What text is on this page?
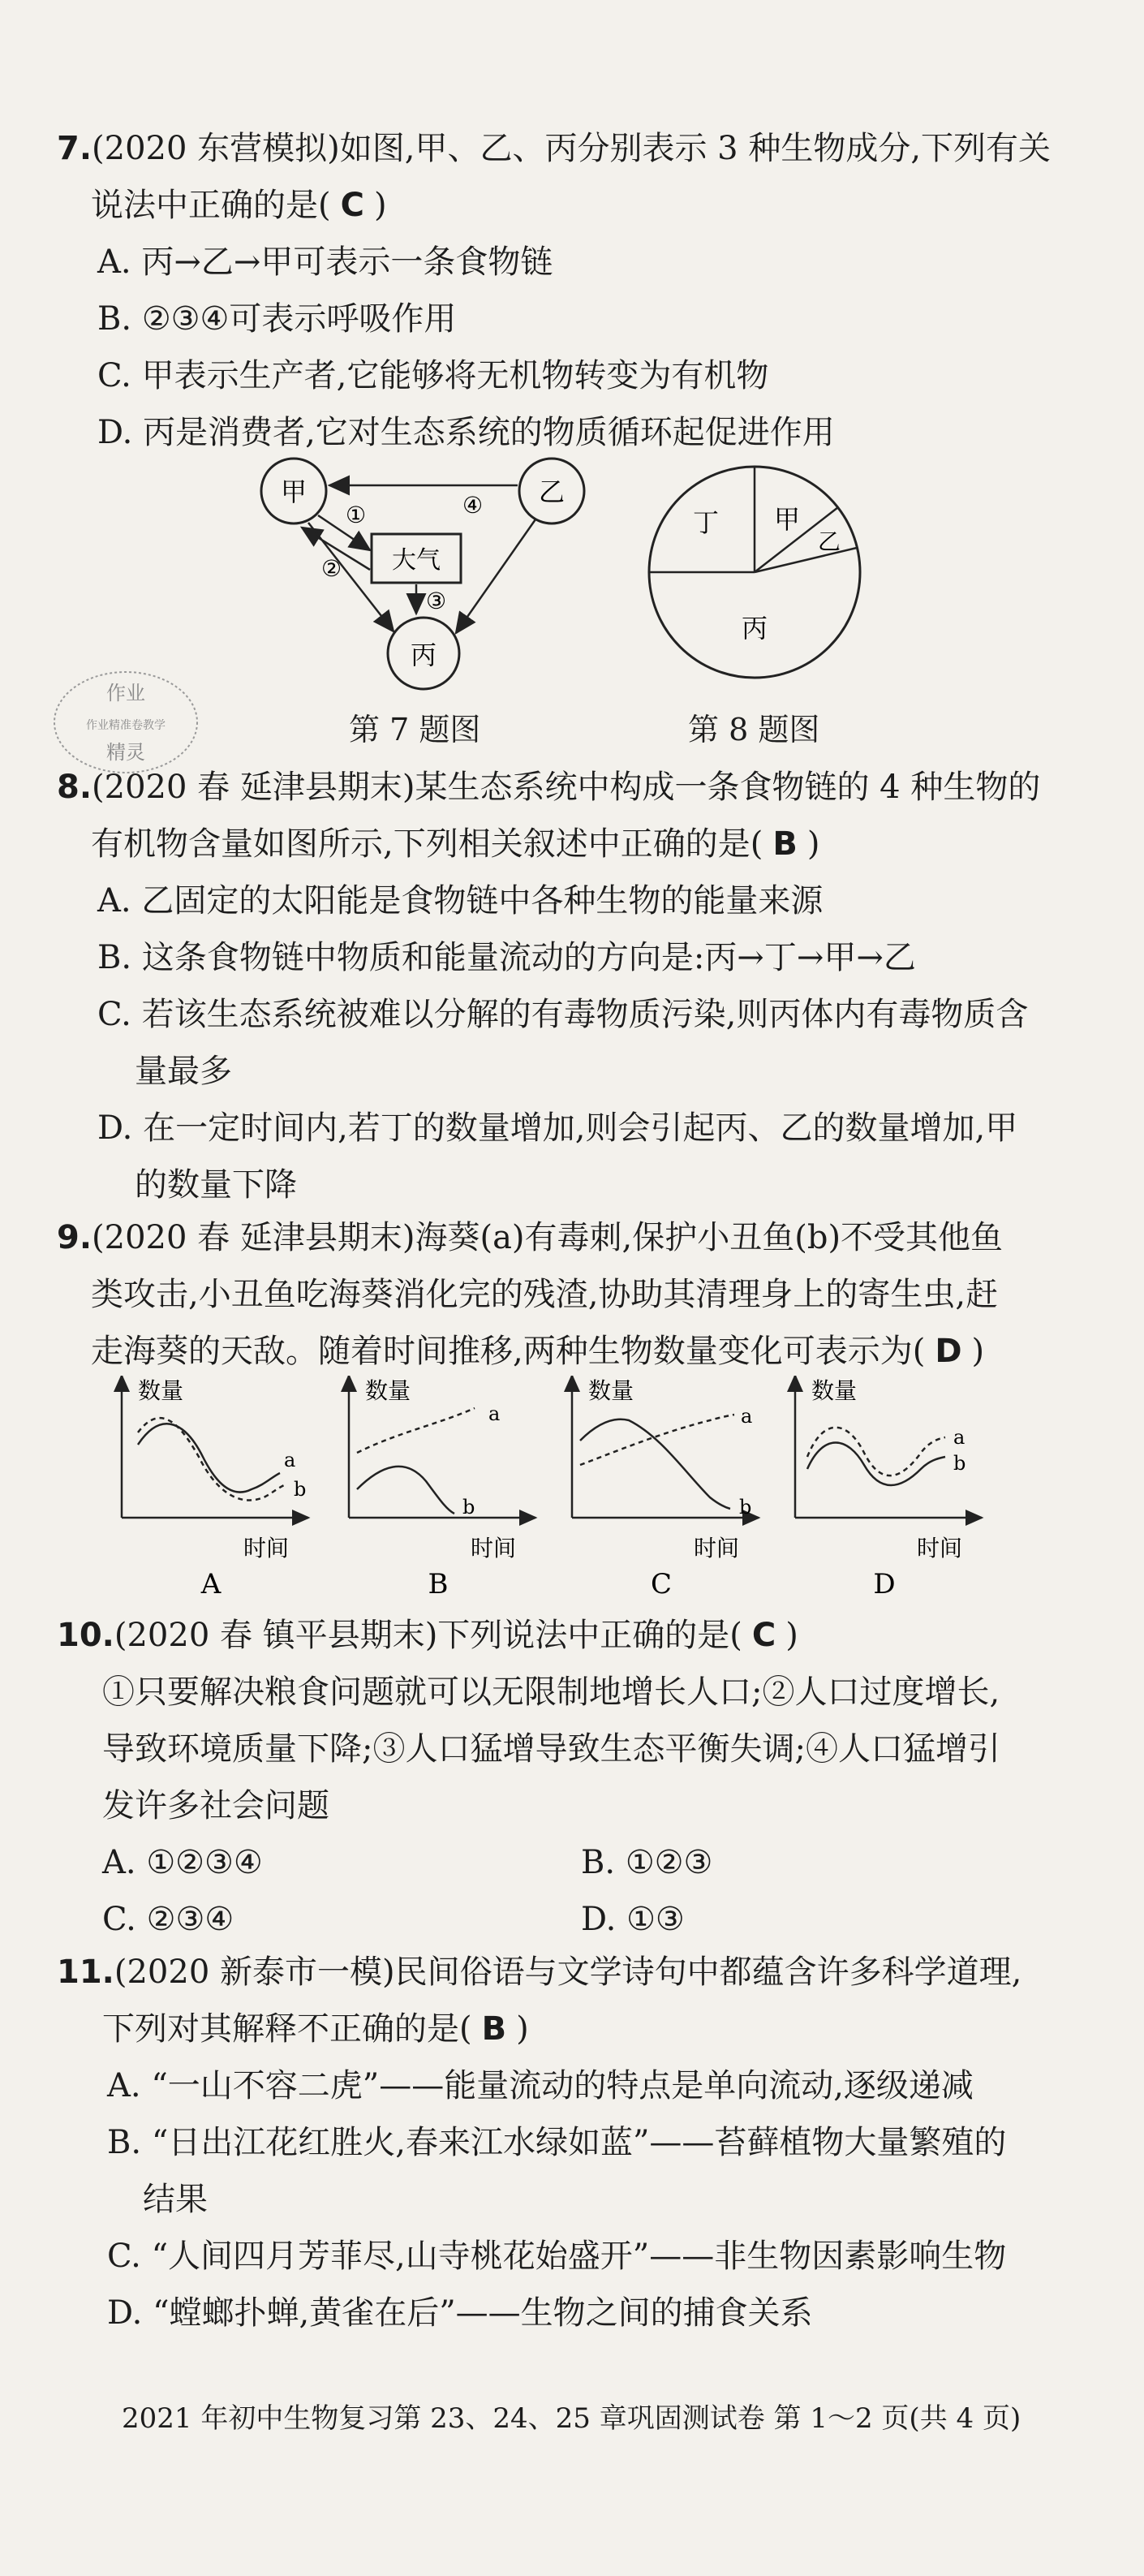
7.(2020 东营模拟)如图,甲、乙、丙分别表示 3 种生物成分,下列有关
说法中正确的是( C )
A. 丙→乙→甲可表示一条食物链
B. ②③④可表示呼吸作用
C. 甲表示生产者,它能够将无机物转变为有机物
D. 丙是消费者,它对生态系统的物质循环起促进作用
甲	乙
丙
大气
④
①
②
③
丁 甲
乙
丙
作业
作业精准卷教学
精灵
第 7 题图	第 8 题图
8.(2020 春 延津县期末)某生态系统中构成一条食物链的 4 种生物的
有机物含量如图所示,下列相关叙述中正确的是( B )
A. 乙固定的太阳能是食物链中各种生物的能量来源
B. 这条食物链中物质和能量流动的方向是:丙→丁→甲→乙
C. 若该生态系统被难以分解的有毒物质污染,则丙体内有毒物质含
量最多
D. 在一定时间内,若丁的数量增加,则会引起丙、乙的数量增加,甲
的数量下降
9.(2020 春 延津县期末)海葵(a)有毒刺,保护小丑鱼(b)不受其他鱼
类攻击,小丑鱼吃海葵消化完的残渣,协助其清理身上的寄生虫,赶
走海葵的天敌。随着时间推移,两种生物数量变化可表示为( D )
数量
时间
A
a
b
数量
时间
B
a
b
数量
时间
C
a
b
数量
时间
D
a
b
10.(2020 春 镇平县期末)下列说法中正确的是( C )
①只要解决粮食问题就可以无限制地增长人口;②人口过度增长,
导致环境质量下降;③人口猛增导致生态平衡失调;④人口猛增引
发许多社会问题
A. ①②③④	B. ①②③
C. ②③④	D. ①③
11.(2020 新泰市一模)民间俗语与文学诗句中都蕴含许多科学道理,
下列对其解释不正确的是( B )
A. “一山不容二虎”——能量流动的特点是单向流动,逐级递减
B. “日出江花红胜火,春来江水绿如蓝”——苔藓植物大量繁殖的
结果
C. “人间四月芳菲尽,山寺桃花始盛开”——非生物因素影响生物
D. “螳螂扑蝉,黄雀在后”——生物之间的捕食关系
2021 年初中生物复习第 23、24、25 章巩固测试卷 第 1～2 页(共 4 页)
